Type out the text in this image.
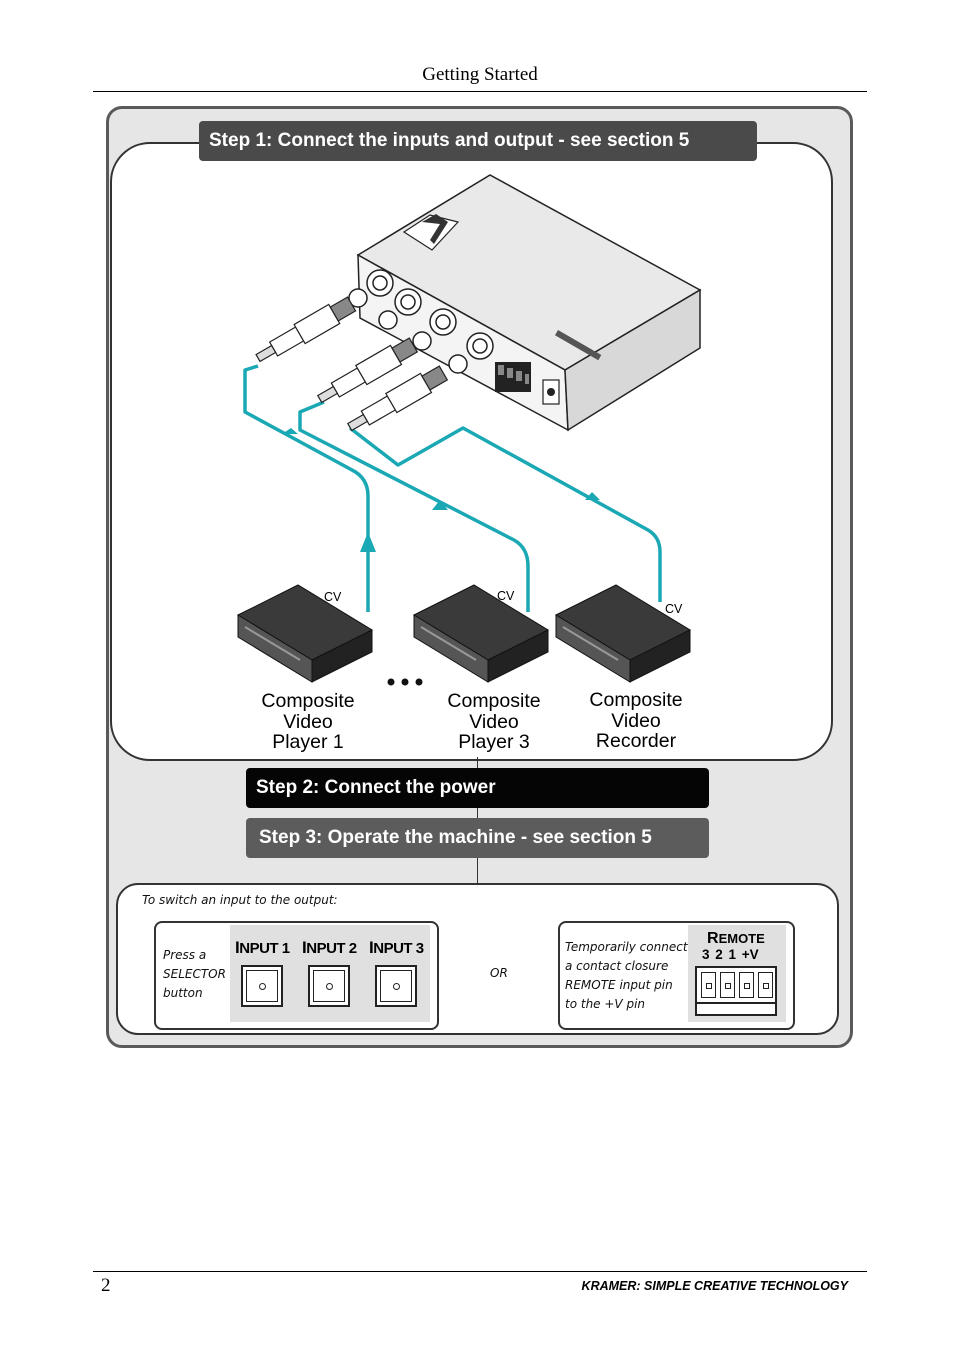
Getting Started
CV	CV
CV
Composite
Video
Player 1
Composite
Video
Player 3
Composite
Video
Recorder
Step 1: Connect the inputs and output - see section 5
Step 2: Connect the power
Step 3: Operate the machine - see section 5
To switch an input to the output:
Press a
SELECTOR
button
INPUT 1 INPUT 2 INPUT 3
OR
Temporarily connect
a contact closure
REMOTE input pin
to the +V pin
REMOTE
3 2 1 +V
2	KRAMER: SIMPLE CREATIVE TECHNOLOGY
